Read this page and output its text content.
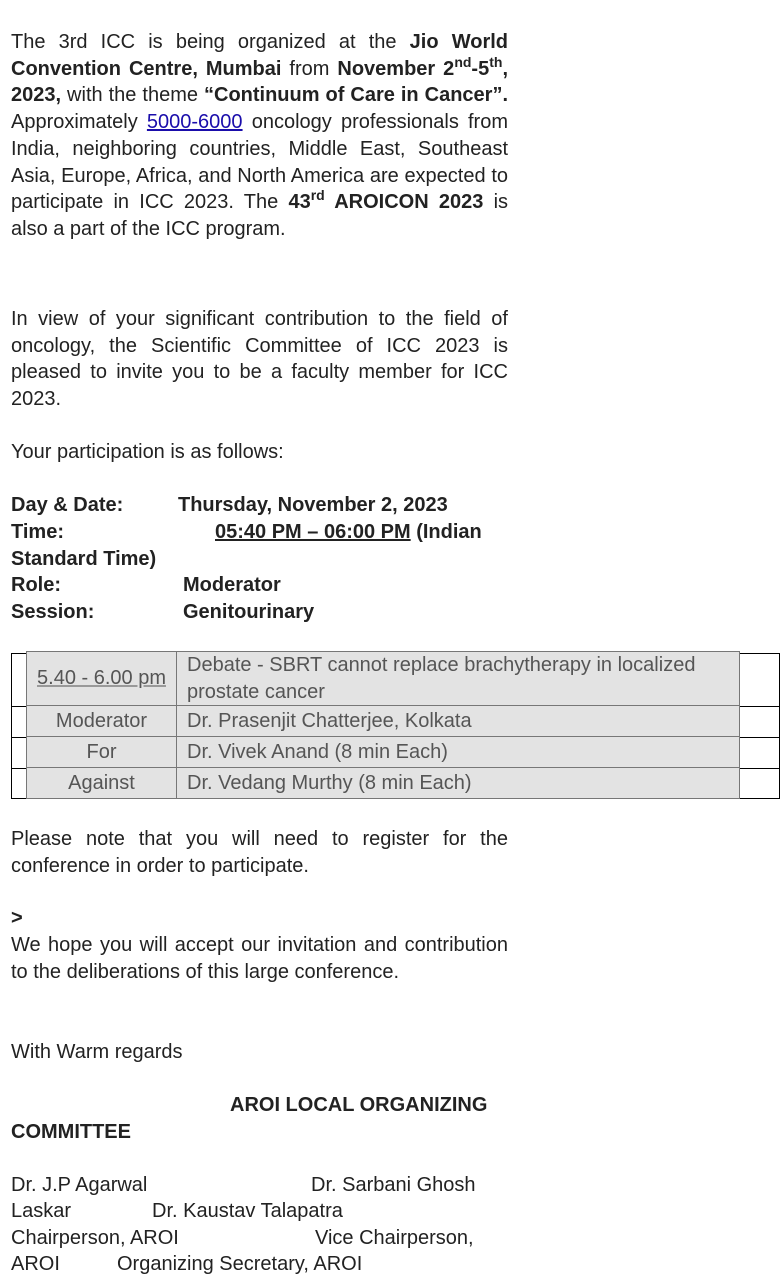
The 3rd ICC is being organized at the Jio World Convention Centre, Mumbai from November 2nd-5th, 2023, with the theme “Continuum of Care in Cancer”. Approximately 5000-6000 oncology professionals from India, neighboring countries, Middle East, Southeast Asia, Europe, Africa, and North America are expected to participate in ICC 2023. The 43rd AROICON 2023 is also a part of the ICC program.

In view of your significant contribution to the field of oncology, the Scientific Committee of ICC 2023 is pleased to invite you to be a faculty member for ICC 2023.

Your participation is as follows:
Day & Date:	Thursday, November 2, 2023
Time:	05:40 PM – 06:00 PM (Indian
Standard Time)
Role:	Moderator
Session:	Genitourinary
5.40 - 6.00 pm	Debate - SBRT cannot replace brachytherapy in localized prostate cancer
Moderator	Dr. Prasenjit Chatterjee, Kolkata
For	Dr. Vivek Anand (8 min Each)
Against	Dr. Vedang Murthy (8 min Each)

Please note that you will need to register for the conference in order to participate.

>

We hope you will accept our invitation and contribution to the deliberations of this large conference.

With Warm regards
AROI LOCAL ORGANIZING
COMMITTEE
Dr. J.P Agarwal	Dr. Sarbani Ghosh
Laskar	Dr. Kaustav Talapatra
Chairperson, AROI	Vice Chairperson,
AROI	Organizing Secretary, AROI
